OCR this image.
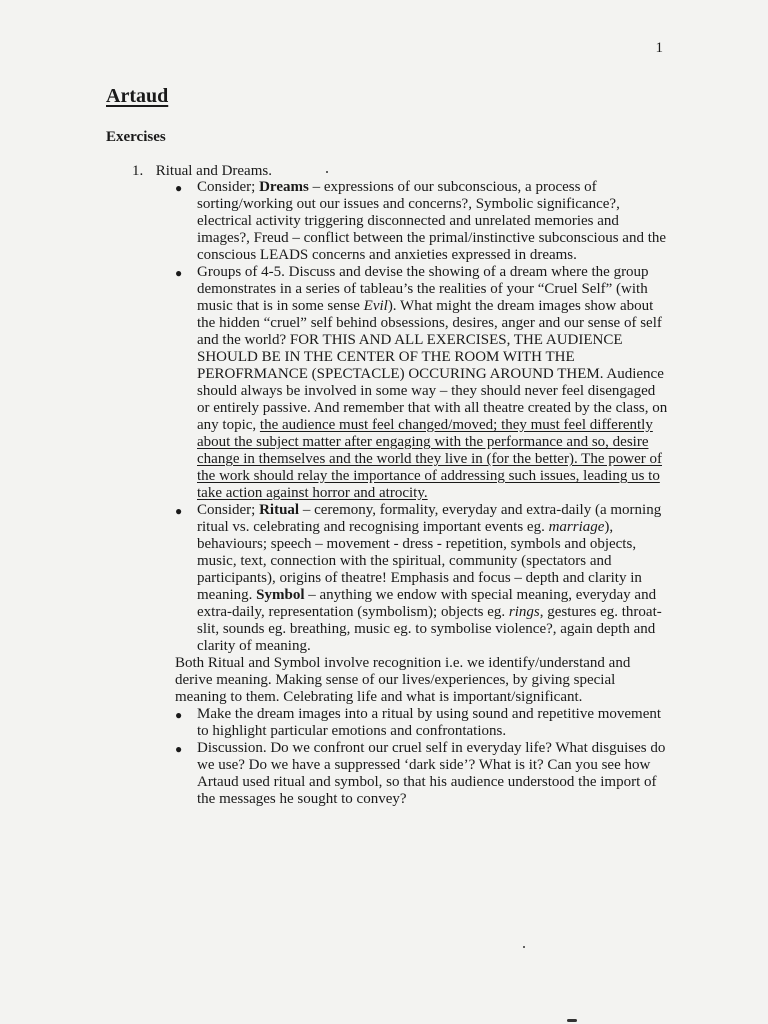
1
Artaud
Exercises
1. Ritual and Dreams.
● Consider; Dreams – expressions of our subconscious, a process of sorting/working out our issues and concerns?, Symbolic significance?, electrical activity triggering disconnected and unrelated memories and images?, Freud – conflict between the primal/instinctive subconscious and the conscious LEADS concerns and anxieties expressed in dreams.
● Groups of 4-5. Discuss and devise the showing of a dream where the group demonstrates in a series of tableau’s the realities of your “Cruel Self” (with music that is in some sense Evil). What might the dream images show about the hidden “cruel” self behind obsessions, desires, anger and our sense of self and the world? FOR THIS AND ALL EXERCISES, THE AUDIENCE SHOULD BE IN THE CENTER OF THE ROOM WITH THE PEROFRMANCE (SPECTACLE) OCCURING AROUND THEM. Audience should always be involved in some way – they should never feel disengaged or entirely passive. And remember that with all theatre created by the class, on any topic, the audience must feel changed/moved; they must feel differently about the subject matter after engaging with the performance and so, desire change in themselves and the world they live in (for the better). The power of the work should relay the importance of addressing such issues, leading us to take action against horror and atrocity.
● Consider; Ritual – ceremony, formality, everyday and extra-daily (a morning ritual vs. celebrating and recognising important events eg. marriage), behaviours; speech – movement - dress - repetition, symbols and objects, music, text, connection with the spiritual, community (spectators and participants), origins of theatre! Emphasis and focus – depth and clarity in meaning. Symbol – anything we endow with special meaning, everyday and extra-daily, representation (symbolism); objects eg. rings, gestures eg. throat-slit, sounds eg. breathing, music eg. to symbolise violence?, again depth and clarity of meaning.

Both Ritual and Symbol involve recognition i.e. we identify/understand and derive meaning. Making sense of our lives/experiences, by giving special meaning to them. Celebrating life and what is important/significant.

● Make the dream images into a ritual by using sound and repetitive movement to highlight particular emotions and confrontations.
● Discussion. Do we confront our cruel self in everyday life? What disguises do we use? Do we have a suppressed ‘dark side’? What is it? Can you see how Artaud used ritual and symbol, so that his audience understood the import of the messages he sought to convey?
